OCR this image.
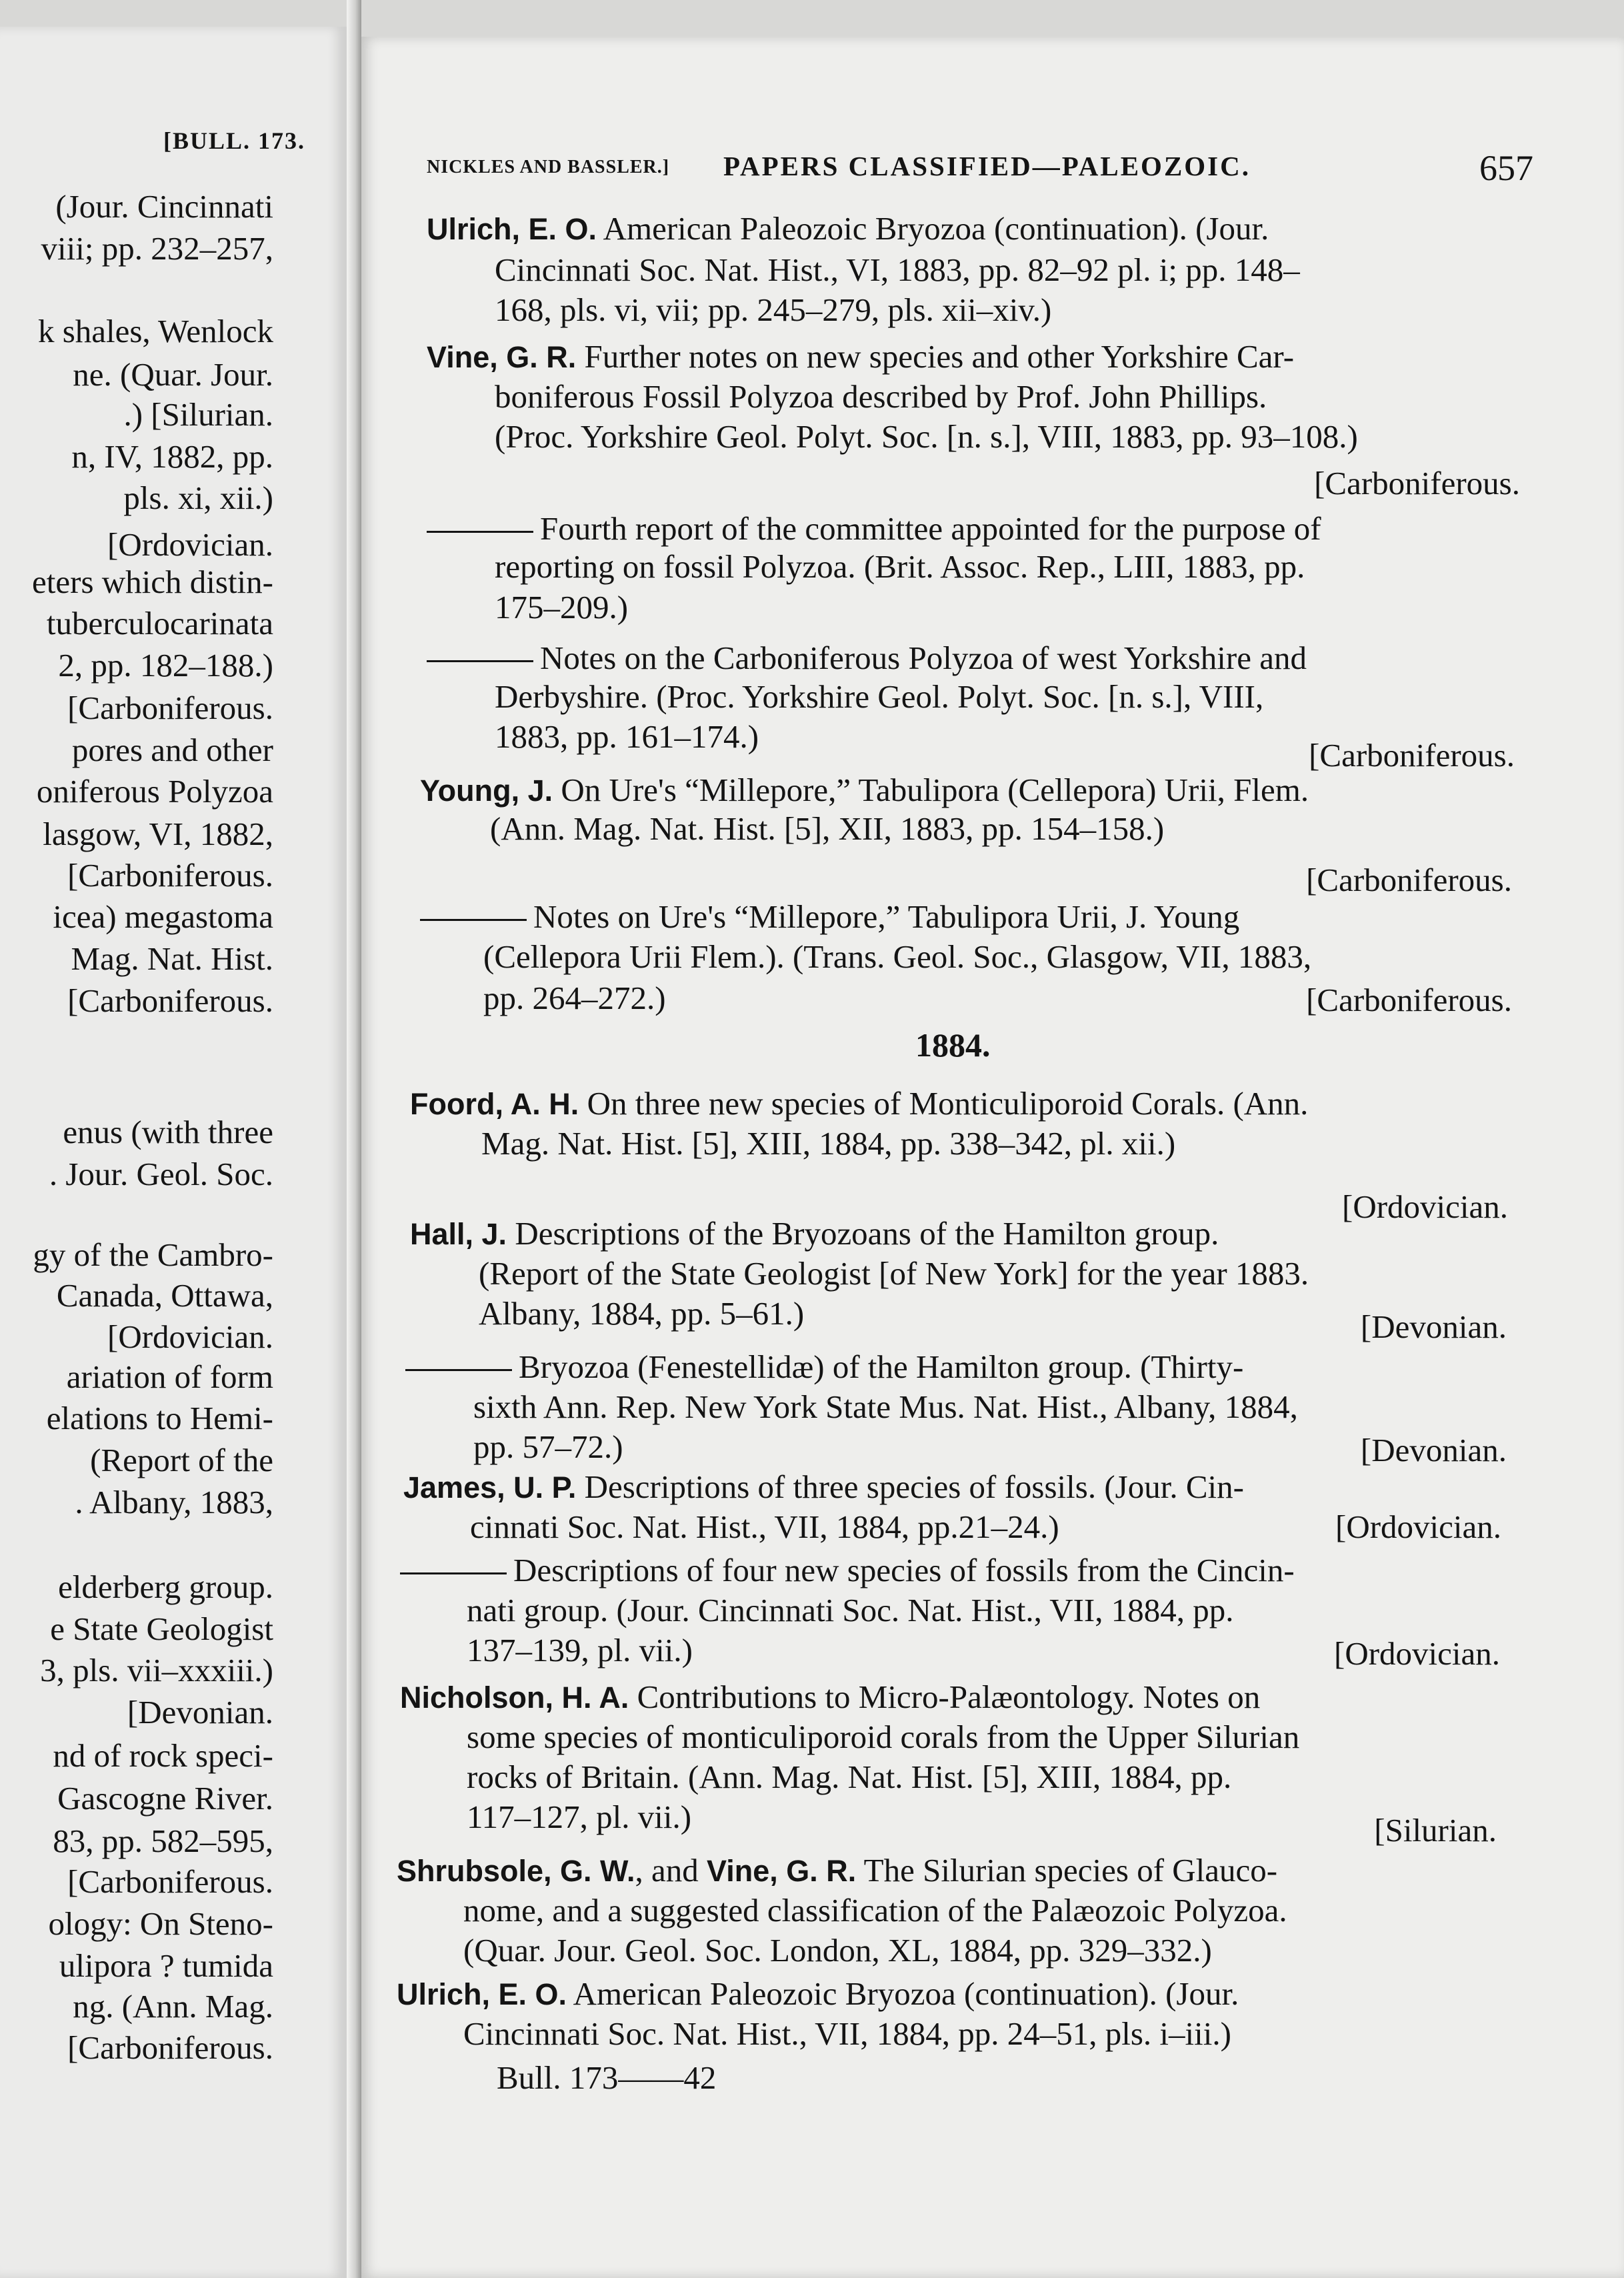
[BULL. 173.
NICKLES AND BASSLER.] PAPERS CLASSIFIED—PALEOZOIC.	657
1884.
Bull. 173——42
(Jour. Cincinnati
viii; pp. 232–257,
k shales, Wenlock
ne. (Quar. Jour.
.) [Silurian.
n, IV, 1882, pp.
pls. xi, xii.)
[Ordovician.
eters which distin-
tuberculocarinata
2, pp. 182–188.)
[Carboniferous.
pores and other
oniferous Polyzoa
lasgow, VI, 1882,
[Carboniferous.
icea) megastoma
Mag. Nat. Hist.
[Carboniferous.
enus (with three
. Jour. Geol. Soc.
gy of the Cambro-
Canada, Ottawa,
[Ordovician.
ariation of form
elations to Hemi-
(Report of the
. Albany, 1883,
elderberg group.
e State Geologist
3, pls. vii–xxxiii.)
[Devonian.
nd of rock speci-
Gascogne River.
83, pp. 582–595,
[Carboniferous.
ology: On Steno-
ulipora ? tumida
ng. (Ann. Mag.
[Carboniferous.
Ulrich, E. O. American Paleozoic Bryozoa (continuation). (Jour.
Cincinnati Soc. Nat. Hist., VI, 1883, pp. 82–92 pl. i; pp. 148–
168, pls. vi, vii; pp. 245–279, pls. xii–xiv.)
Vine, G. R. Further notes on new species and other Yorkshire Car-
boniferous Fossil Polyzoa described by Prof. John Phillips.
(Proc. Yorkshire Geol. Polyt. Soc. [n. s.], VIII, 1883, pp. 93–108.)
[Carboniferous.
Fourth report of the committee appointed for the purpose of
reporting on fossil Polyzoa. (Brit. Assoc. Rep., LIII, 1883, pp.
175–209.)
Notes on the Carboniferous Polyzoa of west Yorkshire and
Derbyshire. (Proc. Yorkshire Geol. Polyt. Soc. [n. s.], VIII,
1883, pp. 161–174.)
[Carboniferous.
Young, J. On Ure's “Millepore,” Tabulipora (Cellepora) Urii, Flem.
(Ann. Mag. Nat. Hist. [5], XII, 1883, pp. 154–158.)
[Carboniferous.
Notes on Ure's “Millepore,” Tabulipora Urii, J. Young
(Cellepora Urii Flem.). (Trans. Geol. Soc., Glasgow, VII, 1883,
pp. 264–272.)	[Carboniferous.
Foord, A. H. On three new species of Monticuliporoid Corals. (Ann.
Mag. Nat. Hist. [5], XIII, 1884, pp. 338–342, pl. xii.)
[Ordovician.
Hall, J. Descriptions of the Bryozoans of the Hamilton group.
(Report of the State Geologist [of New York] for the year 1883.
Albany, 1884, pp. 5–61.)	[Devonian.
Bryozoa (Fenestellidæ) of the Hamilton group. (Thirty-
sixth Ann. Rep. New York State Mus. Nat. Hist., Albany, 1884,
pp. 57–72.)	[Devonian.
James, U. P. Descriptions of three species of fossils. (Jour. Cin-
cinnati Soc. Nat. Hist., VII, 1884, pp.21–24.)	[Ordovician.
Descriptions of four new species of fossils from the Cincin-
nati group. (Jour. Cincinnati Soc. Nat. Hist., VII, 1884, pp.
137–139, pl. vii.)	[Ordovician.
Nicholson, H. A. Contributions to Micro-Palæontology. Notes on
some species of monticuliporoid corals from the Upper Silurian
rocks of Britain. (Ann. Mag. Nat. Hist. [5], XIII, 1884, pp.
117–127, pl. vii.)	[Silurian.
Shrubsole, G. W., and Vine, G. R. The Silurian species of Glauco-
nome, and a suggested classification of the Palæozoic Polyzoa.
(Quar. Jour. Geol. Soc. London, XL, 1884, pp. 329–332.)
Ulrich, E. O. American Paleozoic Bryozoa (continuation). (Jour.
Cincinnati Soc. Nat. Hist., VII, 1884, pp. 24–51, pls. i–iii.)
